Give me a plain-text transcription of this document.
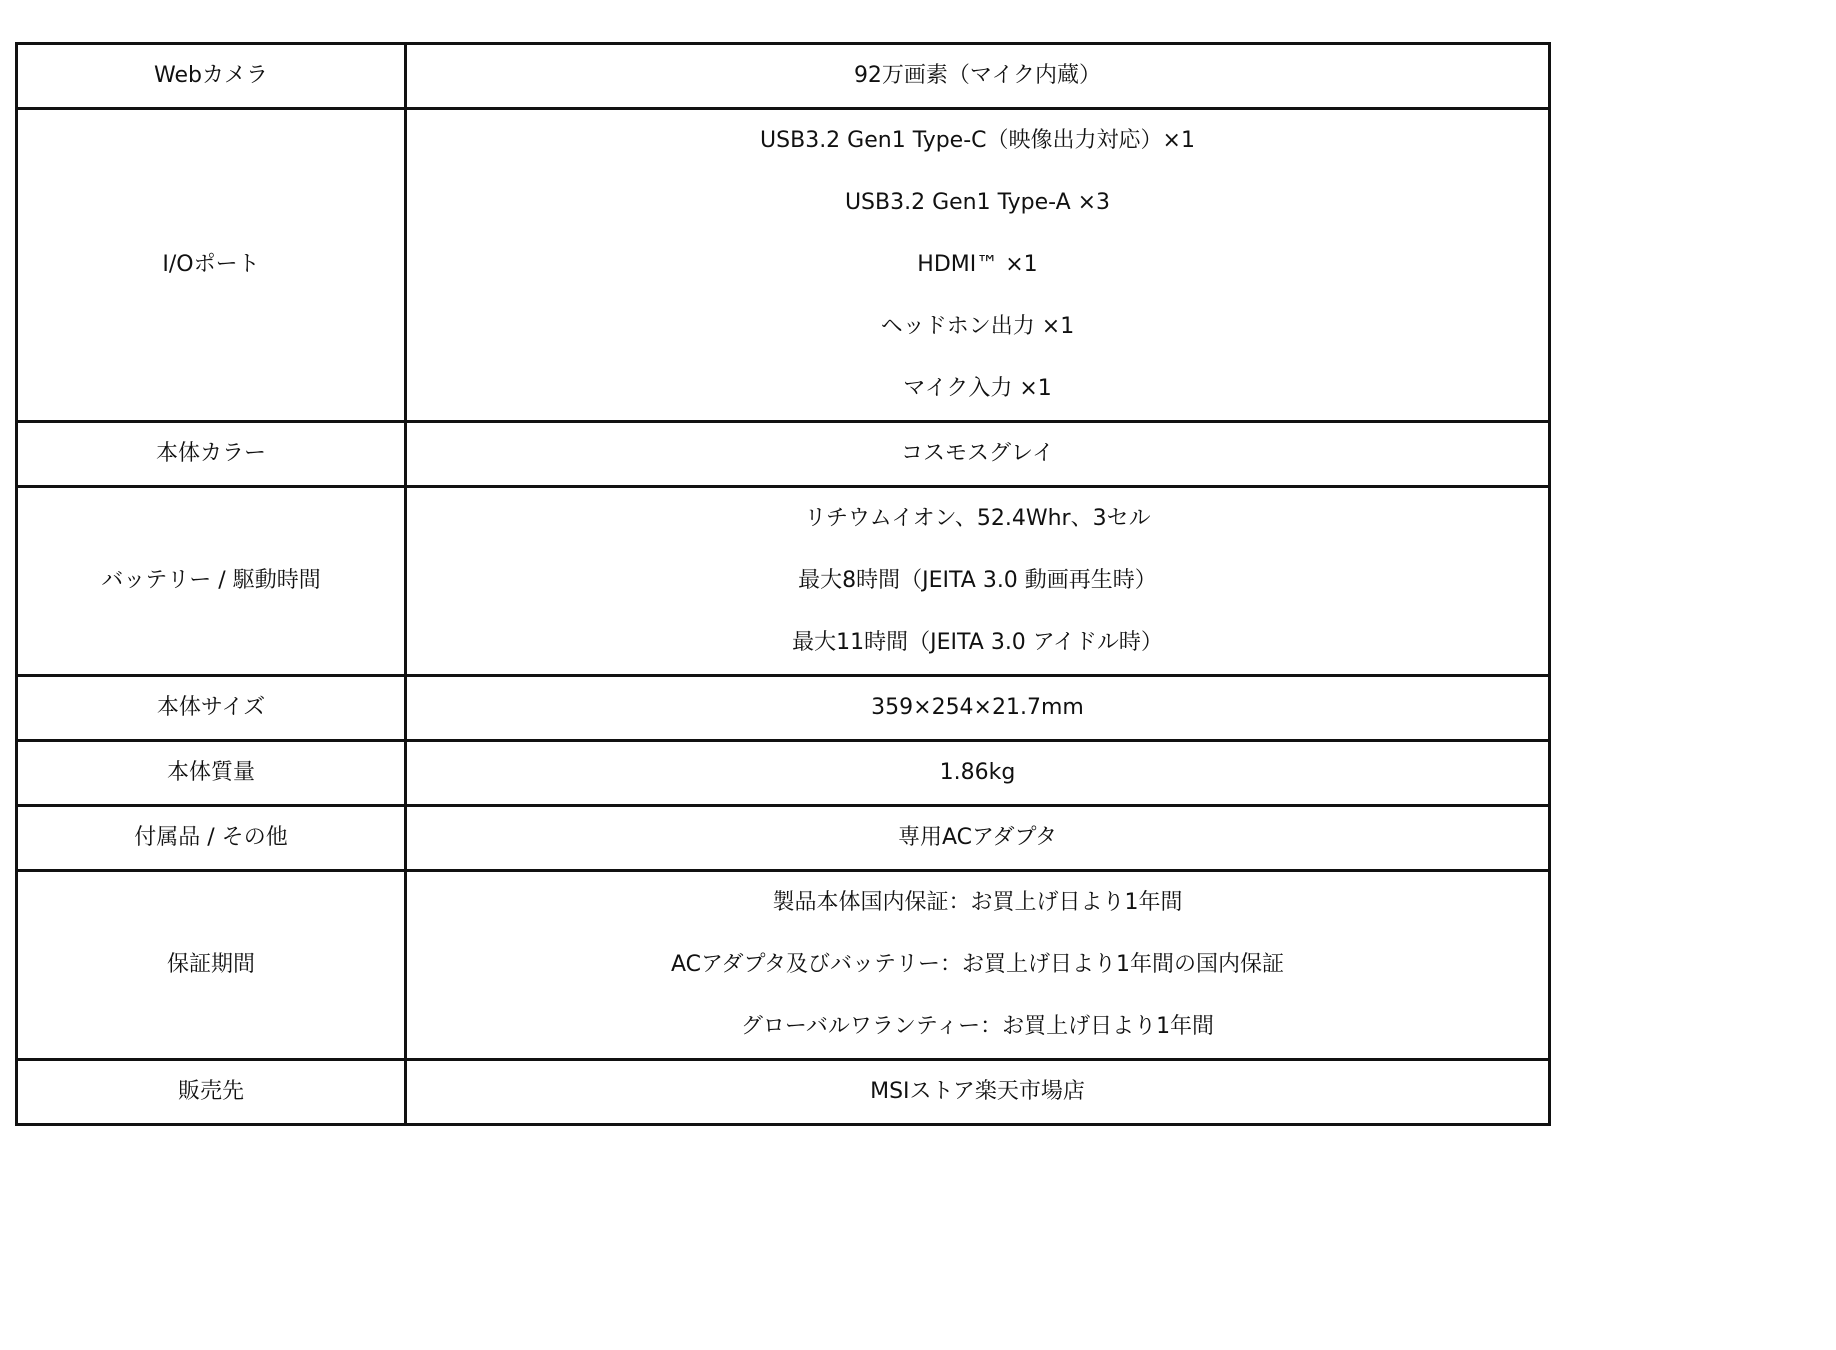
Webカメラ	92万画素（マイク内蔵）

I/Oポート	USB3.2 Gen1 Type-C（映像出力対応）×1
USB3.2 Gen1 Type-A ×3
HDMI™ ×1
ヘッドホン出力 ×1
マイク入力 ×1

本体カラー	コスモスグレイ

バッテリー / 駆動時間	リチウムイオン、52.4Whr、3セル
最大8時間（JEITA 3.0 動画再生時）
最大11時間（JEITA 3.0 アイドル時）

本体サイズ	359×254×21.7mm

本体質量	1.86kg

付属品 / その他	専用ACアダプタ

保証期間	製品本体国内保証：お買上げ日より1年間
ACアダプタ及びバッテリー：お買上げ日より1年間の国内保証
グローバルワランティー：お買上げ日より1年間

販売先	MSIストア楽天市場店
